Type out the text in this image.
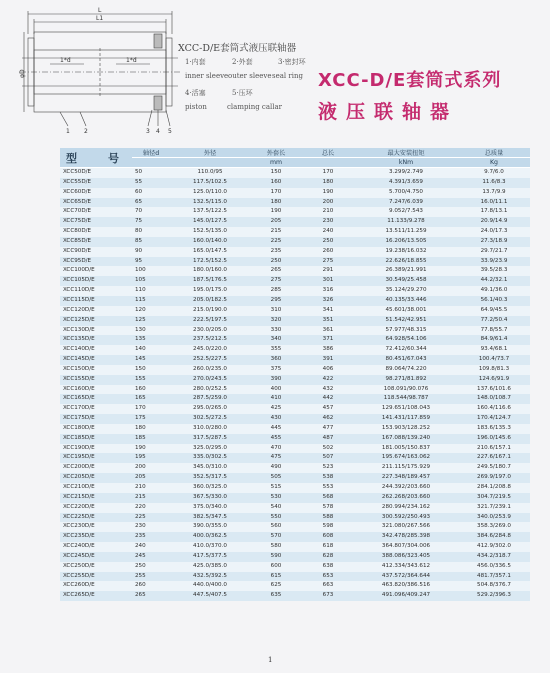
L
L1
1*d	1*d
φD
1 2	3 4 5
XCC-D/E套筒式液压联轴器
1·内套	2·外套	3·密封环
inner sleeve outer sleeve seal ring
4·活塞	5·压环
piston	clamping callar
XCC-D/E套筒式系列
液压联轴器
型　号	轴径d	外径	外套长	总长	最大安装扭矩	总质量
			mm		kNm	Kg
XCC50D/E	50	110.0/95	150	170	3.299/2.749	9.7/6.0
XCC55D/E	55	117.5/102.5	160	180	4.391/3.659	11.6/8.3
XCC60D/E	60	125.0/110.0	170	190	5.700/4.750	13.7/9.9
XCC65D/E	65	132.5/115.0	180	200	7.247/6.039	16.0/11.1
XCC70D/E	70	137.5/122.5	190	210	9.052/7.543	17.8/13.1
XCC75D/E	75	145.0/127.5	205	230	11.133/9.278	20.9/14.9
XCC80D/E	80	152.5/135.0	215	240	13.511/11.259	24.0/17.3
XCC85D/E	85	160.0/140.0	225	250	16.206/13.505	27.3/18.9
XCC90D/E	90	165.0/147.5	235	260	19.238/16.032	29.7/21.7
XCC95D/E	95	172.5/152.5	250	275	22.626/18.855	33.9/23.9
XCC100D/E	100	180.0/160.0	265	291	26.389/21.991	39.5/28.3
XCC105D/E	105	187.5/176.5	275	301	30.549/25.458	44.2/32.1
XCC110D/E	110	195.0/175.0	285	316	35.124/29.270	49.1/36.0
XCC115D/E	115	205.0/182.5	295	326	40.135/33.446	56.1/40.3
XCC120D/E	120	215.0/190.0	310	341	45.601/38.001	64.9/45.5
XCC125D/E	125	222.5/197.5	320	351	51.542/42.951	77.2/50.4
XCC130D/E	130	230.0/205.0	330	361	57.977/48.315	77.8/55.7
XCC135D/E	135	237.5/212.5	340	371	64.928/54.106	84.9/61.4
XCC140D/E	140	245.0/220.0	355	386	72.412/60.344	93.4/68.1
XCC145D/E	145	252.5/227.5	360	391	80.451/67.043	100.4/73.7
XCC150D/E	150	260.0/235.0	375	406	89.064/74.220	109.8/81.3
XCC155D/E	155	270.0/243.5	390	422	98.271/81.892	124.6/91.9
XCC160D/E	160	280.0/252.5	400	432	108.091/90.076	137.6/101.6
XCC165D/E	165	287.5/259.0	410	442	118.544/98.787	148.0/108.7
XCC170D/E	170	295.0/265.0	425	457	129.651/108.043	160.4/116.6
XCC175D/E	175	302.5/272.5	430	462	141.431/117.859	170.4/124.7
XCC180D/E	180	310.0/280.0	445	477	153.903/128.252	183.6/135.3
XCC185D/E	185	317.5/287.5	455	487	167.088/139.240	196.0/145.6
XCC190D/E	190	325.0/295.0	470	502	181.005/150.837	210.6/157.1
XCC195D/E	195	335.0/302.5	475	507	195.674/163.062	227.6/167.1
XCC200D/E	200	345.0/310.0	490	523	211.115/175.929	249.5/180.7
XCC205D/E	205	352.5/317.5	505	538	227.348/189.457	269.9/197.0
XCC210D/E	210	360.0/325.0	515	553	244.392/203.660	284.1/208.8
XCC215D/E	215	367.5/330.0	530	568	262.268/203.660	304.7/219.5
XCC220D/E	220	375.0/340.0	540	578	280.994/234.162	321.7/239.1
XCC225D/E	225	382.5/347.5	550	588	300.592/250.493	340.0/253.9
XCC230D/E	230	390.0/355.0	560	598	321.080/267.566	358.3/269.0
XCC235D/E	235	400.0/362.5	570	608	342.478/285.398	384.6/284.8
XCC240D/E	240	410.0/370.0	580	618	364.807/304.006	412.9/302.0
XCC245D/E	245	417.5/377.5	590	628	388.086/323.405	434.2/318.7
XCC250D/E	250	425.0/385.0	600	638	412.334/343.612	456.0/336.5
XCC255D/E	255	432.5/392.5	615	653	437.572/364.644	481.7/357.1
XCC260D/E	260	440.0/400.0	625	663	463.820/386.516	504.8/376.7
XCC265D/E	265	447.5/407.5	635	673	491.096/409.247	529.2/396.3
1
